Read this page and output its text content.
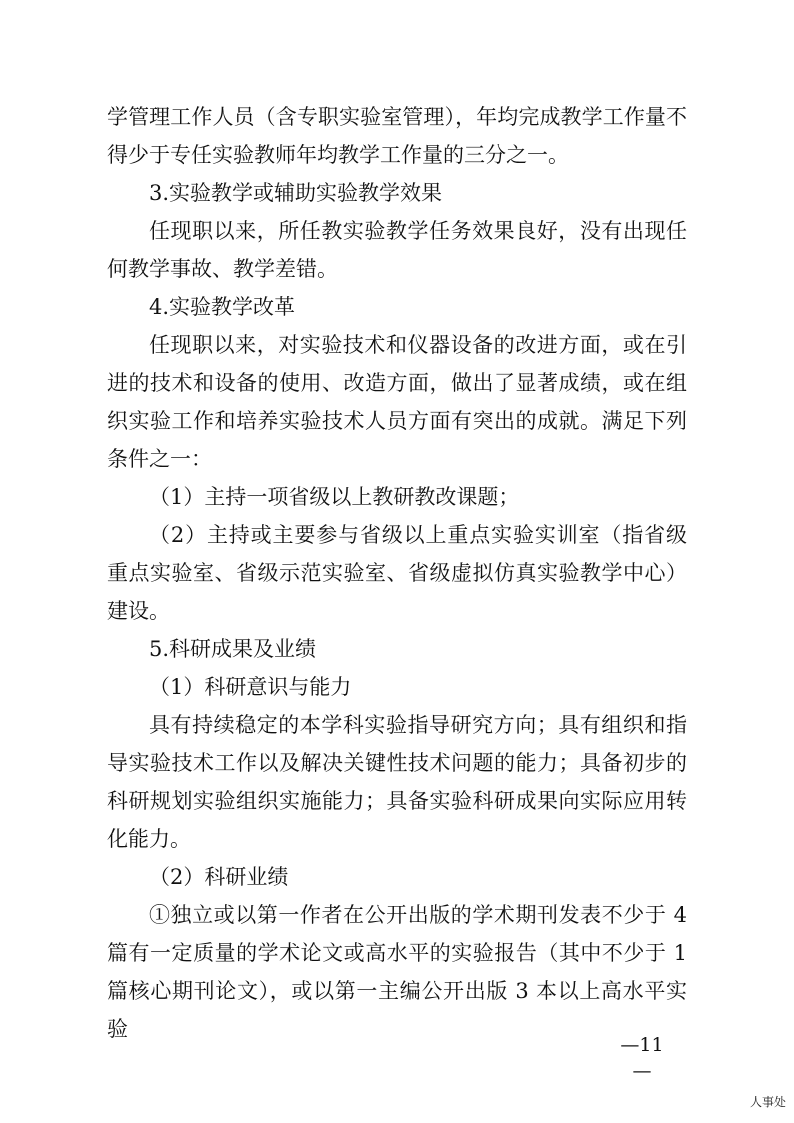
学管理工作人员（含专职实验室管理），年均完成教学工作量不得少于专任实验教师年均教学工作量的三分之一。

3.实验教学或辅助实验教学效果

任现职以来，所任教实验教学任务效果良好，没有出现任何教学事故、教学差错。

4.实验教学改革

任现职以来，对实验技术和仪器设备的改进方面，或在引进的技术和设备的使用、改造方面，做出了显著成绩，或在组织实验工作和培养实验技术人员方面有突出的成就。满足下列条件之一：

（1）主持一项省级以上教研教改课题；

（2）主持或主要参与省级以上重点实验实训室（指省级重点实验室、省级示范实验室、省级虚拟仿真实验教学中心）建设。

5.科研成果及业绩

（1）科研意识与能力

具有持续稳定的本学科实验指导研究方向；具有组织和指导实验技术工作以及解决关键性技术问题的能力；具备初步的科研规划实验组织实施能力；具备实验科研成果向实际应用转化能力。

（2）科研业绩

①独立或以第一作者在公开出版的学术期刊发表不少于 4 篇有一定质量的学术论文或高水平的实验报告（其中不少于 1 篇核心期刊论文），或以第一主编公开出版 3 本以上高水平实验

—11—
人事处
